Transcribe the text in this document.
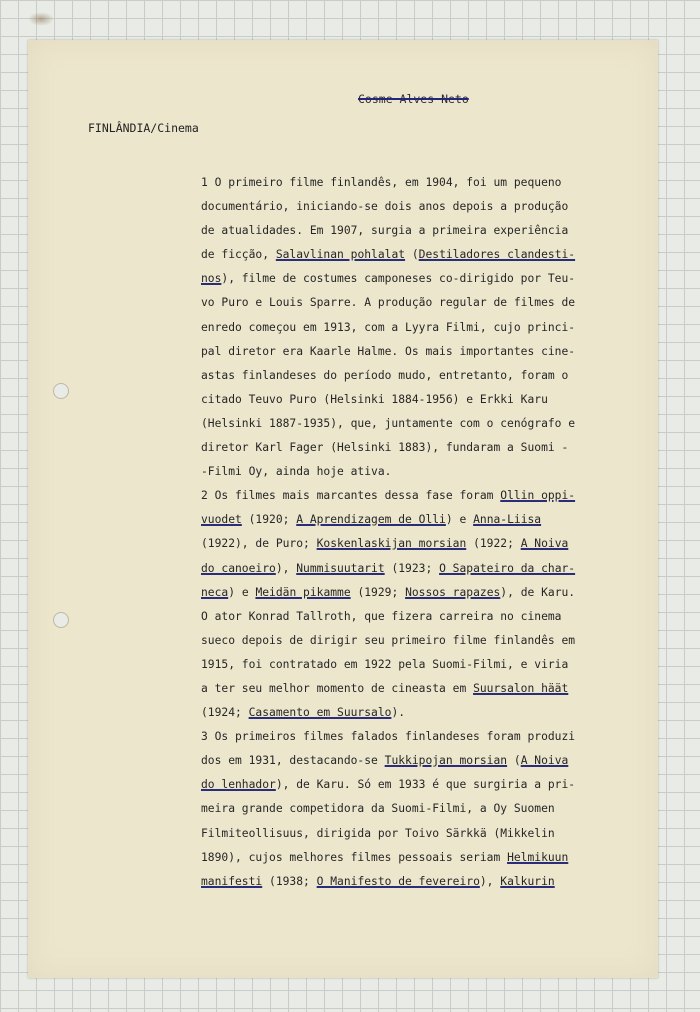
Cosme Alves Neto
FINLÂNDIA/Cinema
1 O primeiro filme finlandês, em 1904, foi um pequeno
documentário, iniciando-se dois anos depois a produção
de atualidades. Em 1907, surgia a primeira experiência
de ficção, Salavlinan pohlalat (Destiladores clandesti-
nos), filme de costumes camponeses co-dirigido por Teu-
vo Puro e Louis Sparre. A produção regular de filmes de
enredo começou em 1913, com a Lyyra Filmi, cujo princi-
pal diretor era Kaarle Halme. Os mais importantes cine-
astas finlandeses do período mudo, entretanto, foram o
citado Teuvo Puro (Helsinki 1884-1956) e Erkki Karu
(Helsinki 1887-1935), que, juntamente com o cenógrafo e
diretor Karl Fager (Helsinki 1883), fundaram a Suomi -
-Filmi Oy, ainda hoje ativa.
2 Os filmes mais marcantes dessa fase foram Ollin oppi-
vuodet (1920; A Aprendizagem de Olli) e Anna-Liisa
(1922), de Puro; Koskenlaskijan morsian (1922; A Noiva
do canoeiro), Nummisuutarit (1923; O Sapateiro da char-
neca) e Meidän pikamme (1929; Nossos rapazes), de Karu.
O ator Konrad Tallroth, que fizera carreira no cinema
sueco depois de dirigir seu primeiro filme finlandês em
1915, foi contratado em 1922 pela Suomi-Filmi, e viria
a ter seu melhor momento de cineasta em Suursalon häät
(1924; Casamento em Suursalo).
3 Os primeiros filmes falados finlandeses foram produzi
dos em 1931, destacando-se Tukkipojan morsian (A Noiva
do lenhador), de Karu. Só em 1933 é que surgiria a pri-
meira grande competidora da Suomi-Filmi, a Oy Suomen
Filmiteollisuus, dirigida por Toivo Särkkä (Mikkelin
1890), cujos melhores filmes pessoais seriam Helmikuun
manifesti (1938; O Manifesto de fevereiro), Kalkurin
